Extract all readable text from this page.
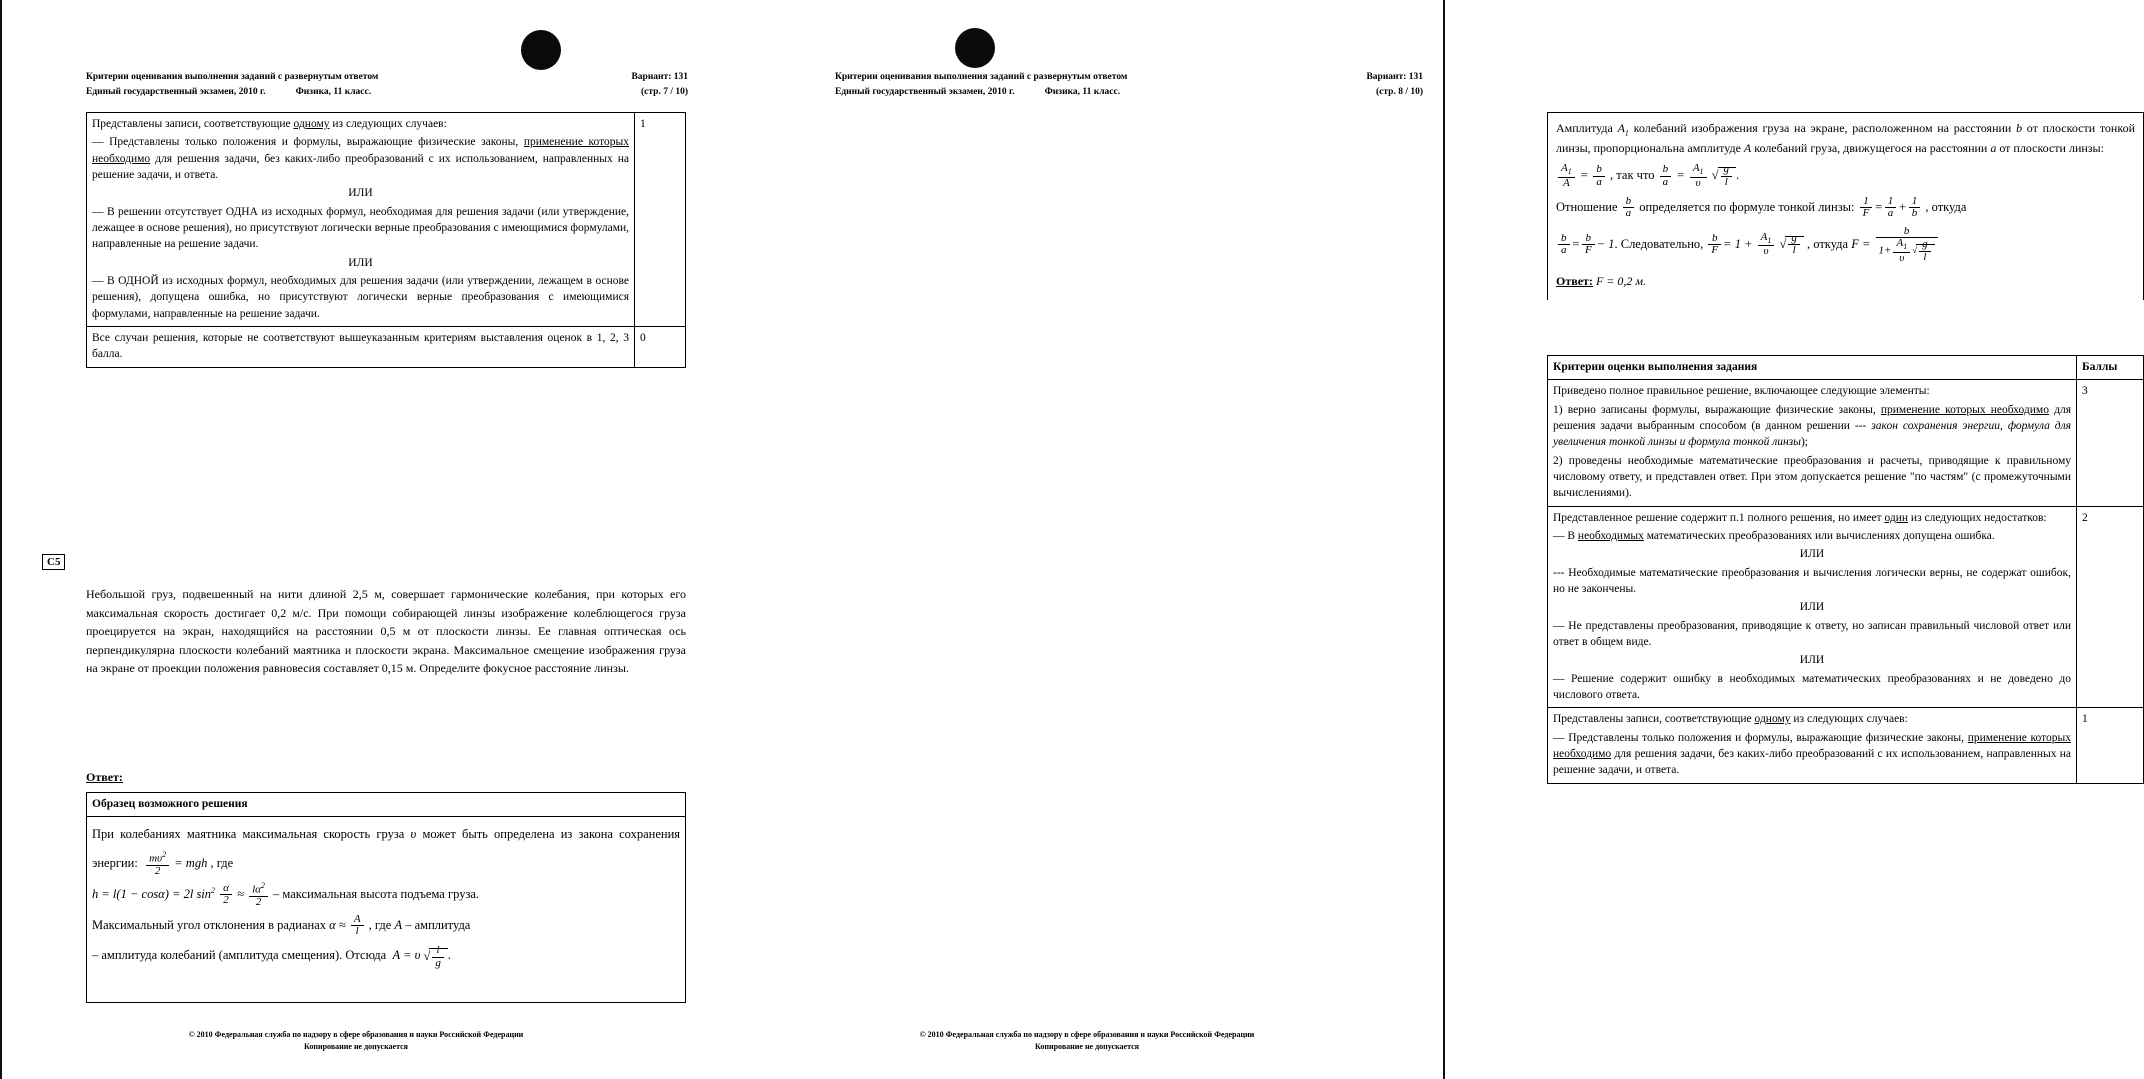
Критерии оценивания выполнения заданий с развернутым ответом	Вариант: 131
Единый государственный экзамен, 2010 г.	Физика, 11 класс.	(стр. 7 / 10)

Представлены записи, соответствующие одному из следующих случаев:

— Представлены только положения и формулы, выражающие физические законы, применение которых необходимо для решения задачи, без каких-либо преобразований с их использованием, направленных на решение задачи, и ответа.

ИЛИ

— В решении отсутствует ОДНА из исходных формул, необходимая для решения задачи (или утверждение, лежащее в основе решения), но присутствуют логически верные преобразования с имеющимися формулами, направленные на решение задачи.

ИЛИ

— В ОДНОЙ из исходных формул, необходимых для решения задачи (или утверждении, лежащем в основе решения), допущена ошибка, но присутствуют логически верные преобразования с имеющимися формулами, направленные на решение задачи.

	1
Все случаи решения, которые не соответствуют вышеуказанным критериям выставления оценок в 1, 2, 3 балла.	0
C5
Небольшой груз, подвешенный на нити длиной 2,5 м, совершает гармонические колебания, при которых его максимальная скорость достигает 0,2 м/с. При помощи собирающей линзы изображение колеблющегося груза проецируется на экран, находящийся на расстоянии 0,5 м от плоскости линзы. Ее главная оптическая ось перпендикулярна плоскости колебаний маятника и плоскости экрана. Максимальное смещение изображения груза на экране от проекции положения равновесия составляет 0,15 м. Определите фокусное расстояние линзы.
Ответ:
Образец возможного решения

При колебаниях маятника максимальная скорость груза υ может быть определена из закона сохранения энергии: $\frac{m\upsilon^2}{2}$ = mgh , где

h = l(1 − cosα) = 2l $\sin^2 \frac{\alpha}{2} \approx \frac{l\alpha^2}{2}$ – максимальная высота подъема груза.

Максимальный угол отклонения в радианах $\alpha \approx \frac{A}{l}$ , где A – амплитуда

– амплитуда колебаний (амплитуда смещения). Отсюда A = υ √ $\frac{l}{g}$ .

© 2010 Федеральная служба по надзору в сфере образования и науки Российской Федерации
Копирование не допускается
Критерии оценивания выполнения заданий с развернутым ответом	Вариант: 131
Единый государственный экзамен, 2010 г.	Физика, 11 класс.	(стр. 8 / 10)

Амплитуда $A_1$ колебаний изображения груза на экране, расположенном на расстоянии b от плоскости тонкой линзы, пропорциональна амплитуде A колебаний груза, движущегося на расстоянии a от плоскости линзы:

$\frac{A_1}{A} = \frac{b}{a}$ , так что $\frac{b}{a} = \frac{A_1}{\upsilon}$ √ $\frac{g}{l}$ .

Отношение $\frac{b}{a}$ определяется по формуле тонкой линзы: $\frac{1}{F} = \frac{1}{a} + \frac{1}{b}$ , откуда

$\frac{b}{a} = \frac{b}{F} - 1$. Следовательно, $\frac{b}{F} = 1 + \frac{A_1}{\upsilon}$ √ $\frac{g}{l}$ , откуда $F = \frac{b}{1+ \frac{A_1}{\upsilon} √ \frac{g}{l}}$

Ответ: F = 0,2 м.

Критерии оценки выполнения задания	Баллы

Приведено полное правильное решение, включающее следующие элементы:

1) верно записаны формулы, выражающие физические законы, применение которых необходимо для решения задачи выбранным способом (в данном решении --- закон сохранения энергии, формула для увеличения тонкой линзы и формула тонкой линзы);

2) проведены необходимые математические преобразования и расчеты, приводящие к правильному числовому ответу, и представлен ответ. При этом допускается решение "по частям" (с промежуточными вычислениями).	3

Представленное решение содержит п.1 полного решения, но имеет один из следующих недостатков:

— В необходимых математических преобразованиях или вычислениях допущена ошибка.

ИЛИ

--- Необходимые математические преобразования и вычисления логически верны, не содержат ошибок, но не закончены.

ИЛИ

— Не представлены преобразования, приводящие к ответу, но записан правильный числовой ответ или ответ в общем виде.

ИЛИ

— Решение содержит ошибку в необходимых математических преобразованиях и не доведено до числового ответа.

	2

Представлены записи, соответствующие одному из следующих случаев:

— Представлены только положения и формулы, выражающие физические законы, применение которых необходимо для решения задачи, без каких-либо преобразований с их использованием, направленных на решение задачи, и ответа.	1
© 2010 Федеральная служба по надзору в сфере образования и науки Российской Федерации
Копирование не допускается
